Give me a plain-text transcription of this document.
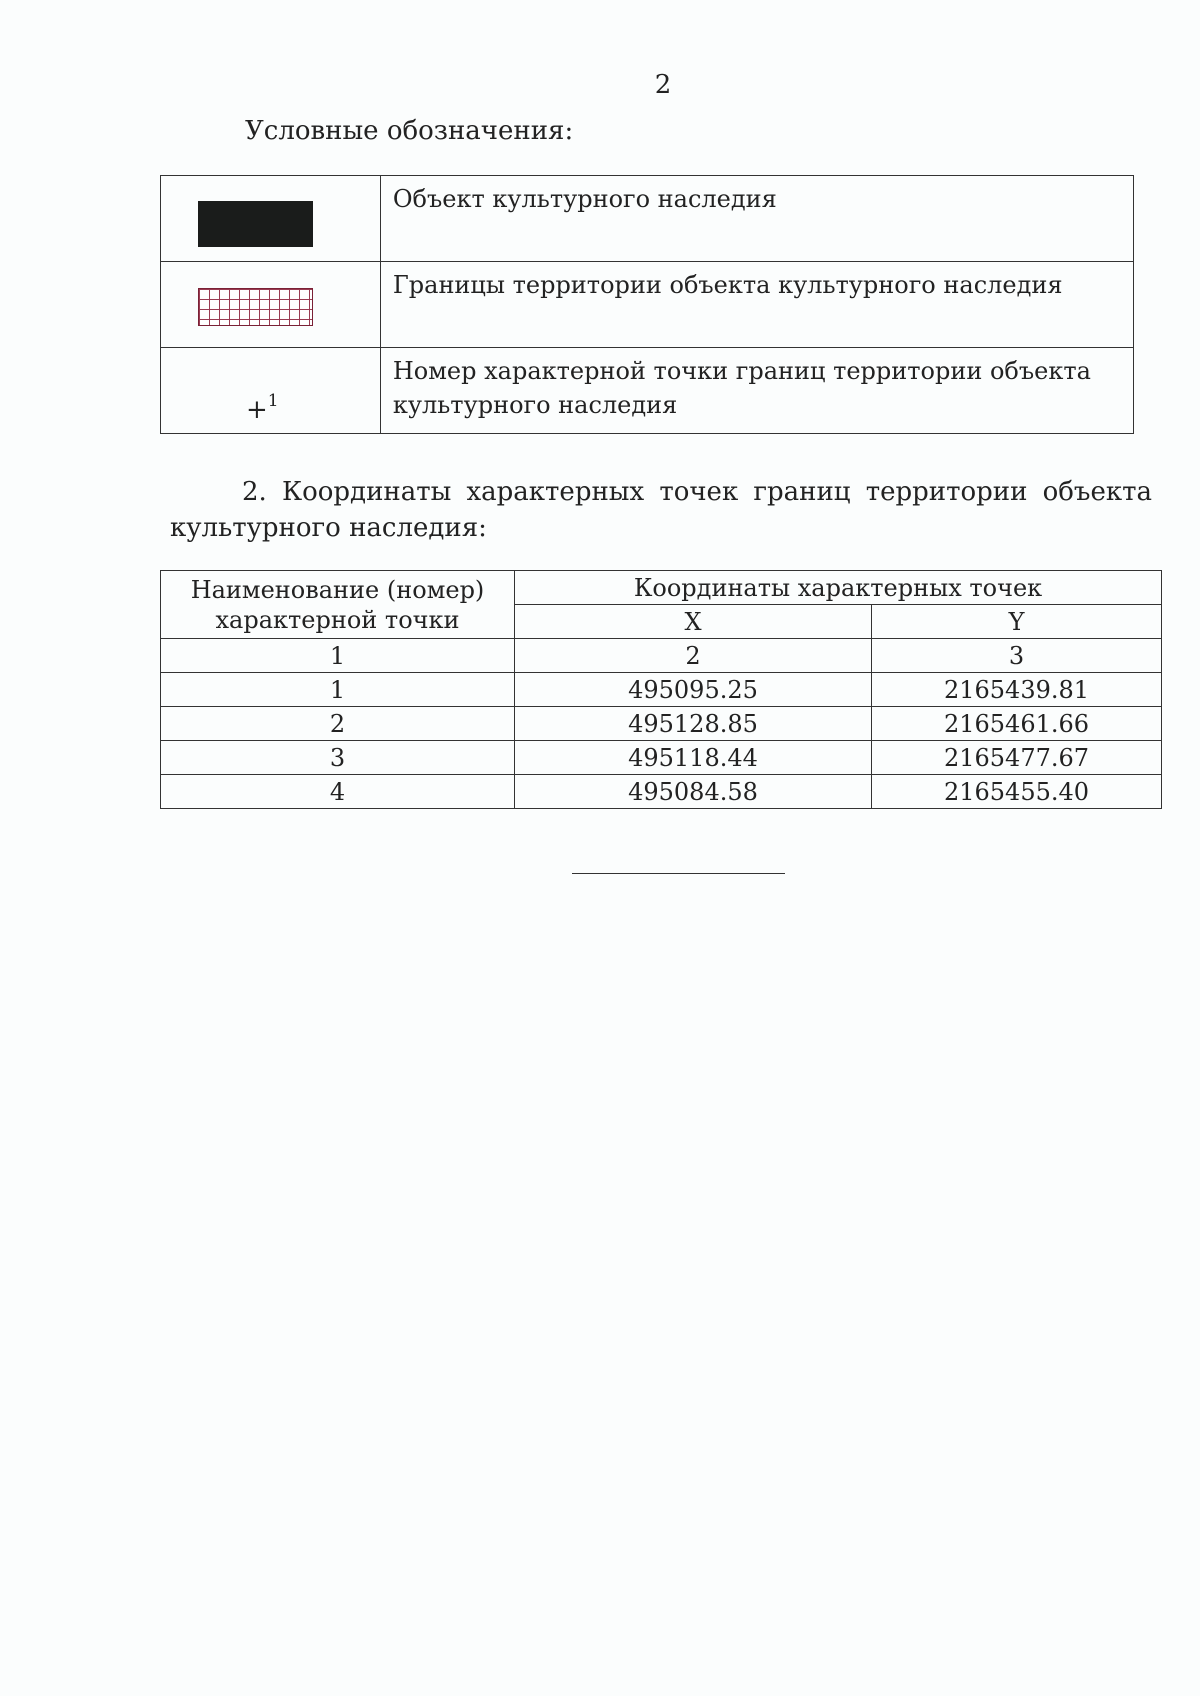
2
Условные обозначения:
	Объект культурного наследия

	Границы территории объекта культурного наследия

+$^1$	Номер характерной точки границ территории объекта культурного наследия
2. Координаты характерных точек границ территории объекта
культурного наследия:
Наименование (номер) характерной точки	Координаты характерных точек	
	X	Y
1	2	3
1	495095.25	2165439.81
2	495128.85	2165461.66
3	495118.44	2165477.67
4	495084.58	2165455.40
